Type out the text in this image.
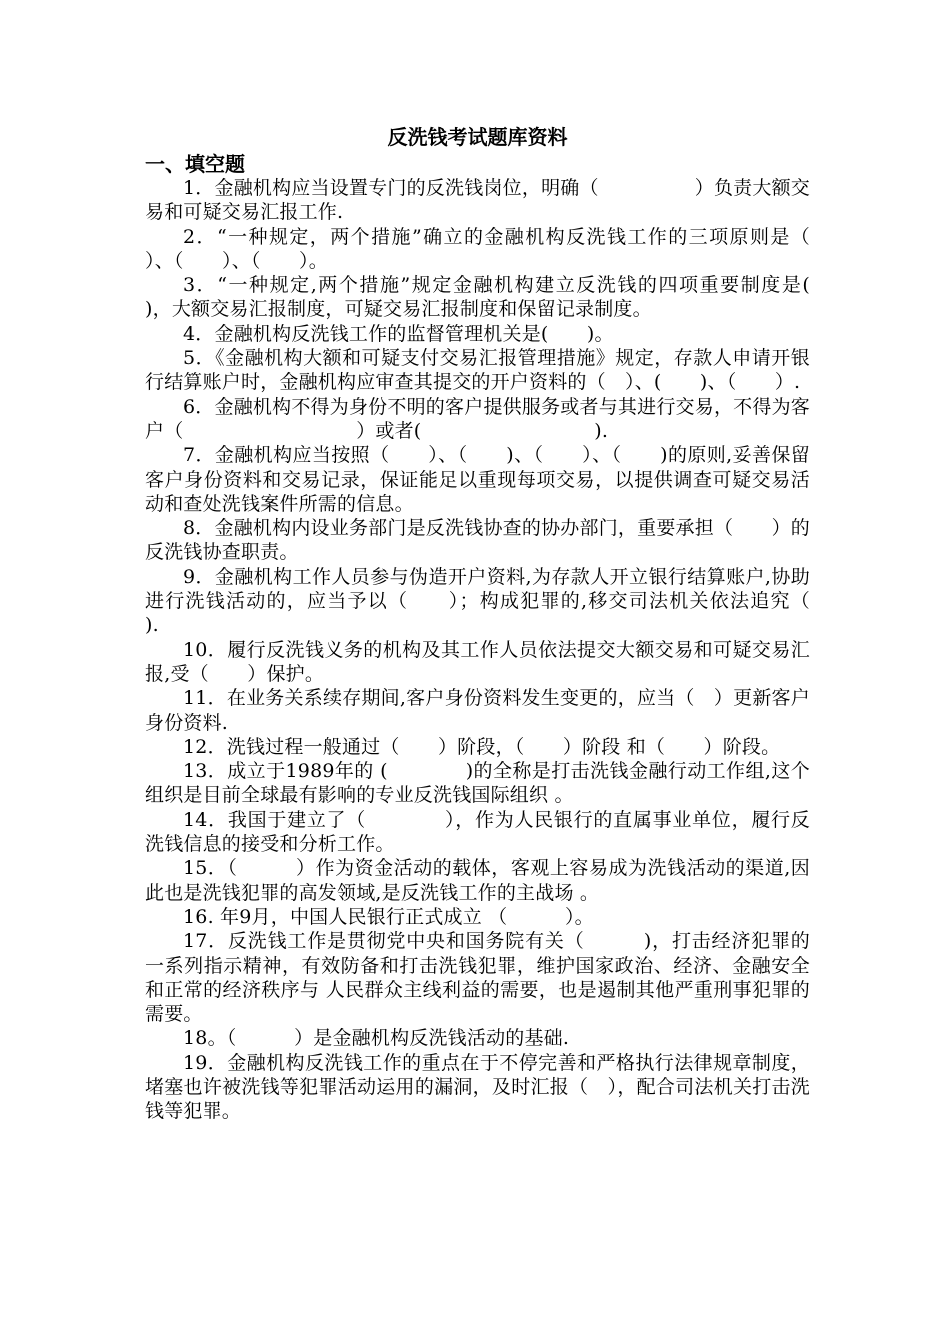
反洗钱考试题库资料
一、填空题

1．金融机构应当设置专门的反洗钱岗位，明确（　　　　　）负责大额交易和可疑交易汇报工作.

2．“一种规定，两个措施”确立的金融机构反洗钱工作的三项原则是（　　）、（　　）、（　　）。

3．“一种规定,两个措施”规定金融机构建立反洗钱的四项重要制度是(　　)，大额交易汇报制度，可疑交易汇报制度和保留记录制度。

4．金融机构反洗钱工作的监督管理机关是(　　)。

5．《金融机构大额和可疑支付交易汇报管理措施》规定，存款人申请开银行结算账户时，金融机构应审查其提交的开户资料的（　）、(　　)、（　　）.

6．金融机构不得为身份不明的客户提供服务或者与其进行交易，不得为客户（　　　　　　　　　）或者(　　　　　　　　　).

7．金融机构应当按照（　　）、（　　)、（　　）、（　　)的原则,妥善保留客户身份资料和交易记录，保证能足以重现每项交易，以提供调查可疑交易活动和查处洗钱案件所需的信息。

8．金融机构内设业务部门是反洗钱协查的协办部门，重要承担（　　）的反洗钱协查职责。

9．金融机构工作人员参与伪造开户资料,为存款人开立银行结算账户,协助进行洗钱活动的，应当予以（　　）；构成犯罪的,移交司法机关依法追究（　　).

10．履行反洗钱义务的机构及其工作人员依法提交大额交易和可疑交易汇报,受（　　）保护。

11．在业务关系续存期间,客户身份资料发生变更的，应当（　）更新客户身份资料.

12．洗钱过程一般通过（　　）阶段，（　　）阶段 和（　　）阶段。

13．成立于1989年的 (　　　　)的全称是打击洗钱金融行动工作组,这个组织是目前全球最有影响的专业反洗钱国际组织 。

14．我国于建立了（　　　　），作为人民银行的直属事业单位，履行反洗钱信息的接受和分析工作。

15．（　　　）作为资金活动的载体，客观上容易成为洗钱活动的渠道,因此也是洗钱犯罪的高发领域,是反洗钱工作的主战场 。

16. 年9月，中国人民银行正式成立 （　　　）。

17．反洗钱工作是贯彻党中央和国务院有关（　　　)，打击经济犯罪的一系列指示精神，有效防备和打击洗钱犯罪，维护国家政治、经济、金融安全和正常的经济秩序与 人民群众主线利益的需要，也是遏制其他严重刑事犯罪的需要。

18。（　　　）是金融机构反洗钱活动的基础.

19．金融机构反洗钱工作的重点在于不停完善和严格执行法律规章制度，堵塞也许被洗钱等犯罪活动运用的漏洞，及时汇报（　），配合司法机关打击洗钱等犯罪。
